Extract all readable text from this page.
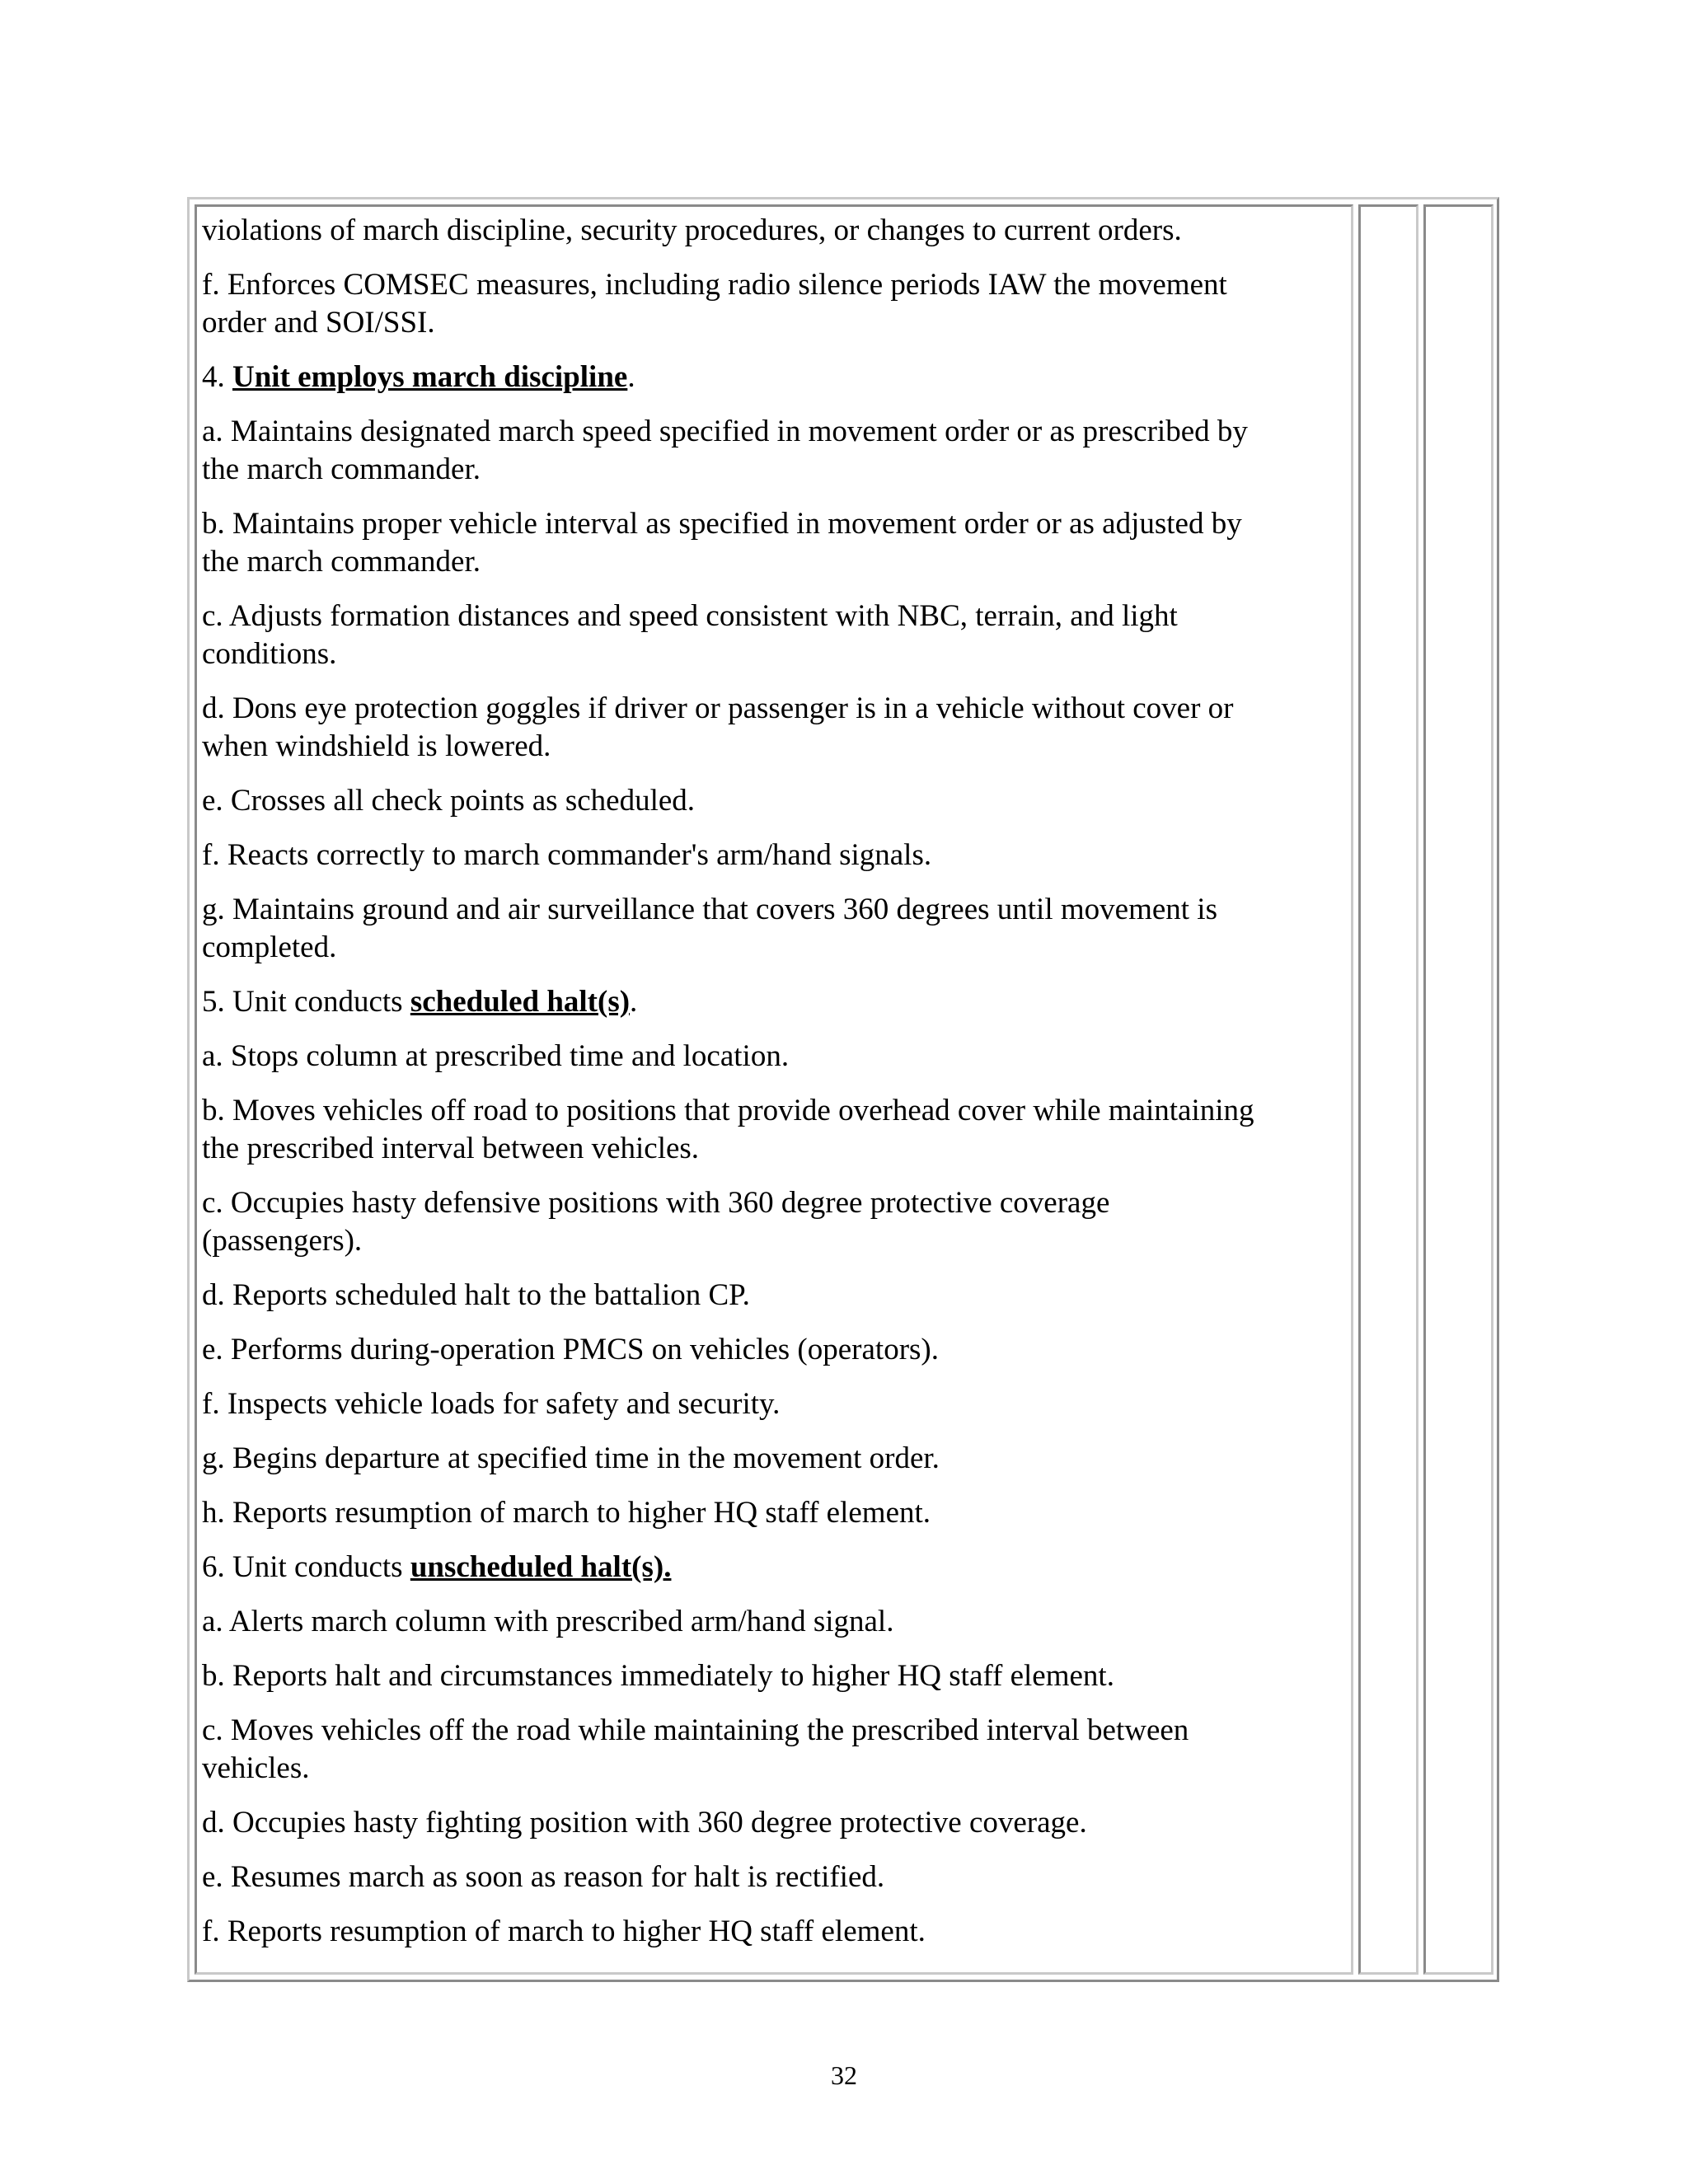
violations of march discipline, security procedures, or changes to current orders.
f. Enforces COMSEC measures, including radio silence periods IAW the movement
order and SOI/SSI.
4. Unit employs march discipline.
a. Maintains designated march speed specified in movement order or as prescribed by
the march commander.
b. Maintains proper vehicle interval as specified in movement order or as adjusted by
the march commander.
c. Adjusts formation distances and speed consistent with NBC, terrain, and light
conditions.
d. Dons eye protection goggles if driver or passenger is in a vehicle without cover or
when windshield is lowered.
e. Crosses all check points as scheduled.
f. Reacts correctly to march commander's arm/hand signals.
g. Maintains ground and air surveillance that covers 360 degrees until movement is
completed.
5. Unit conducts scheduled halt(s).
a. Stops column at prescribed time and location.
b. Moves vehicles off road to positions that provide overhead cover while maintaining
the prescribed interval between vehicles.
c. Occupies hasty defensive positions with 360 degree protective coverage
(passengers).
d. Reports scheduled halt to the battalion CP.
e. Performs during-operation PMCS on vehicles (operators).
f. Inspects vehicle loads for safety and security.
g. Begins departure at specified time in the movement order.
h. Reports resumption of march to higher HQ staff element.
6. Unit conducts unscheduled halt(s).
a. Alerts march column with prescribed arm/hand signal.
b. Reports halt and circumstances immediately to higher HQ staff element.
c. Moves vehicles off the road while maintaining the prescribed interval between
vehicles.
d. Occupies hasty fighting position with 360 degree protective coverage.
e. Resumes march as soon as reason for halt is rectified.
f. Reports resumption of march to higher HQ staff element.
32
